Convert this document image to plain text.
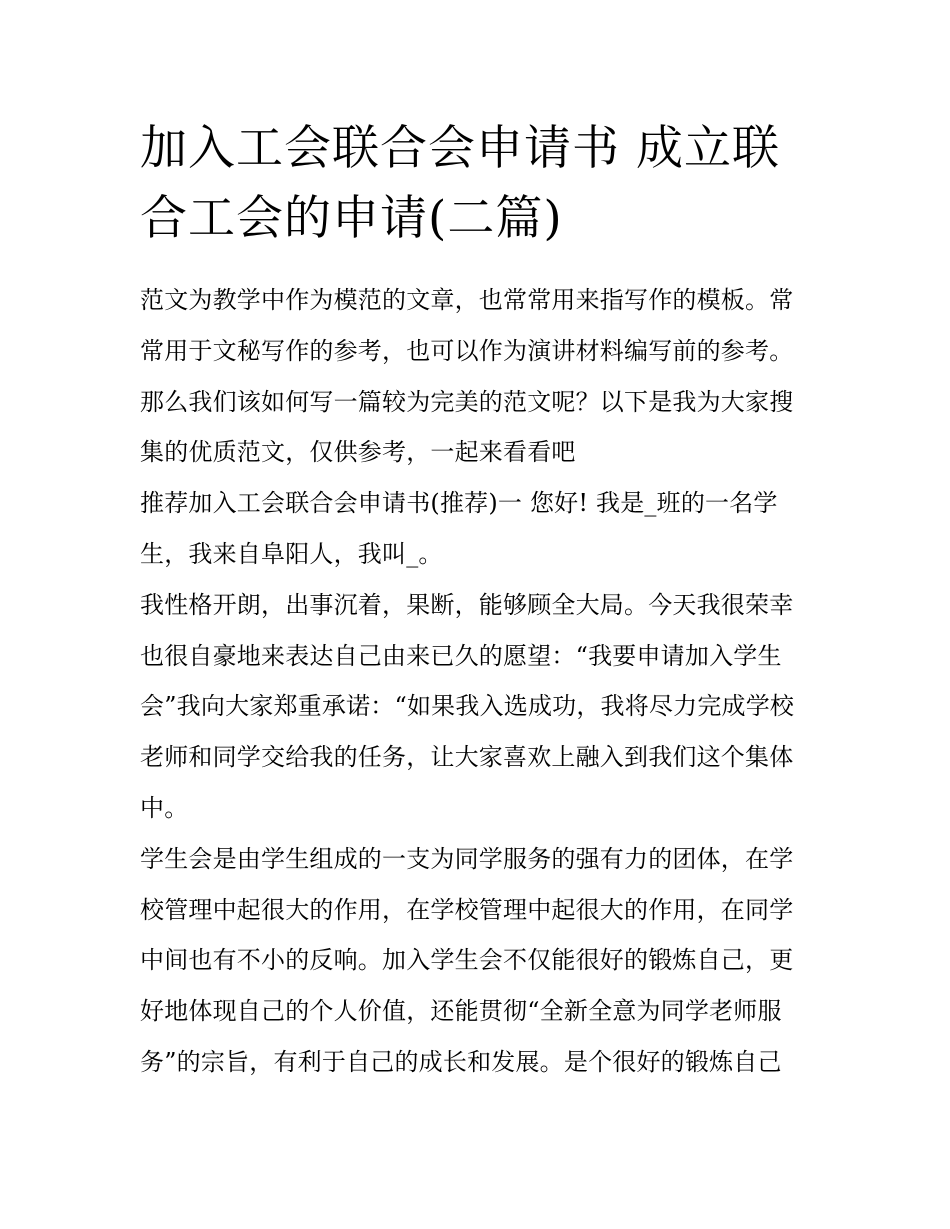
加入工会联合会申请书 成立联
合工会的申请(二篇)
范文为教学中作为模范的文章，也常常用来指写作的模板。常
常用于文秘写作的参考，也可以作为演讲材料编写前的参考。
那么我们该如何写一篇较为完美的范文呢？以下是我为大家搜
集的优质范文，仅供参考，一起来看看吧
推荐加入工会联合会申请书(推荐)一 您好! 我是_班的一名学
生，我来自阜阳人，我叫_。
我性格开朗，出事沉着，果断，能够顾全大局。今天我很荣幸
也很自豪地来表达自己由来已久的愿望：“我要申请加入学生
会”我向大家郑重承诺：“如果我入选成功，我将尽力完成学校
老师和同学交给我的任务，让大家喜欢上融入到我们这个集体
中。
学生会是由学生组成的一支为同学服务的强有力的团体，在学
校管理中起很大的作用，在学校管理中起很大的作用，在同学
中间也有不小的反响。加入学生会不仅能很好的锻炼自己，更
好地体现自己的个人价值，还能贯彻“全新全意为同学老师服
务”的宗旨，有利于自己的成长和发展。是个很好的锻炼自己
